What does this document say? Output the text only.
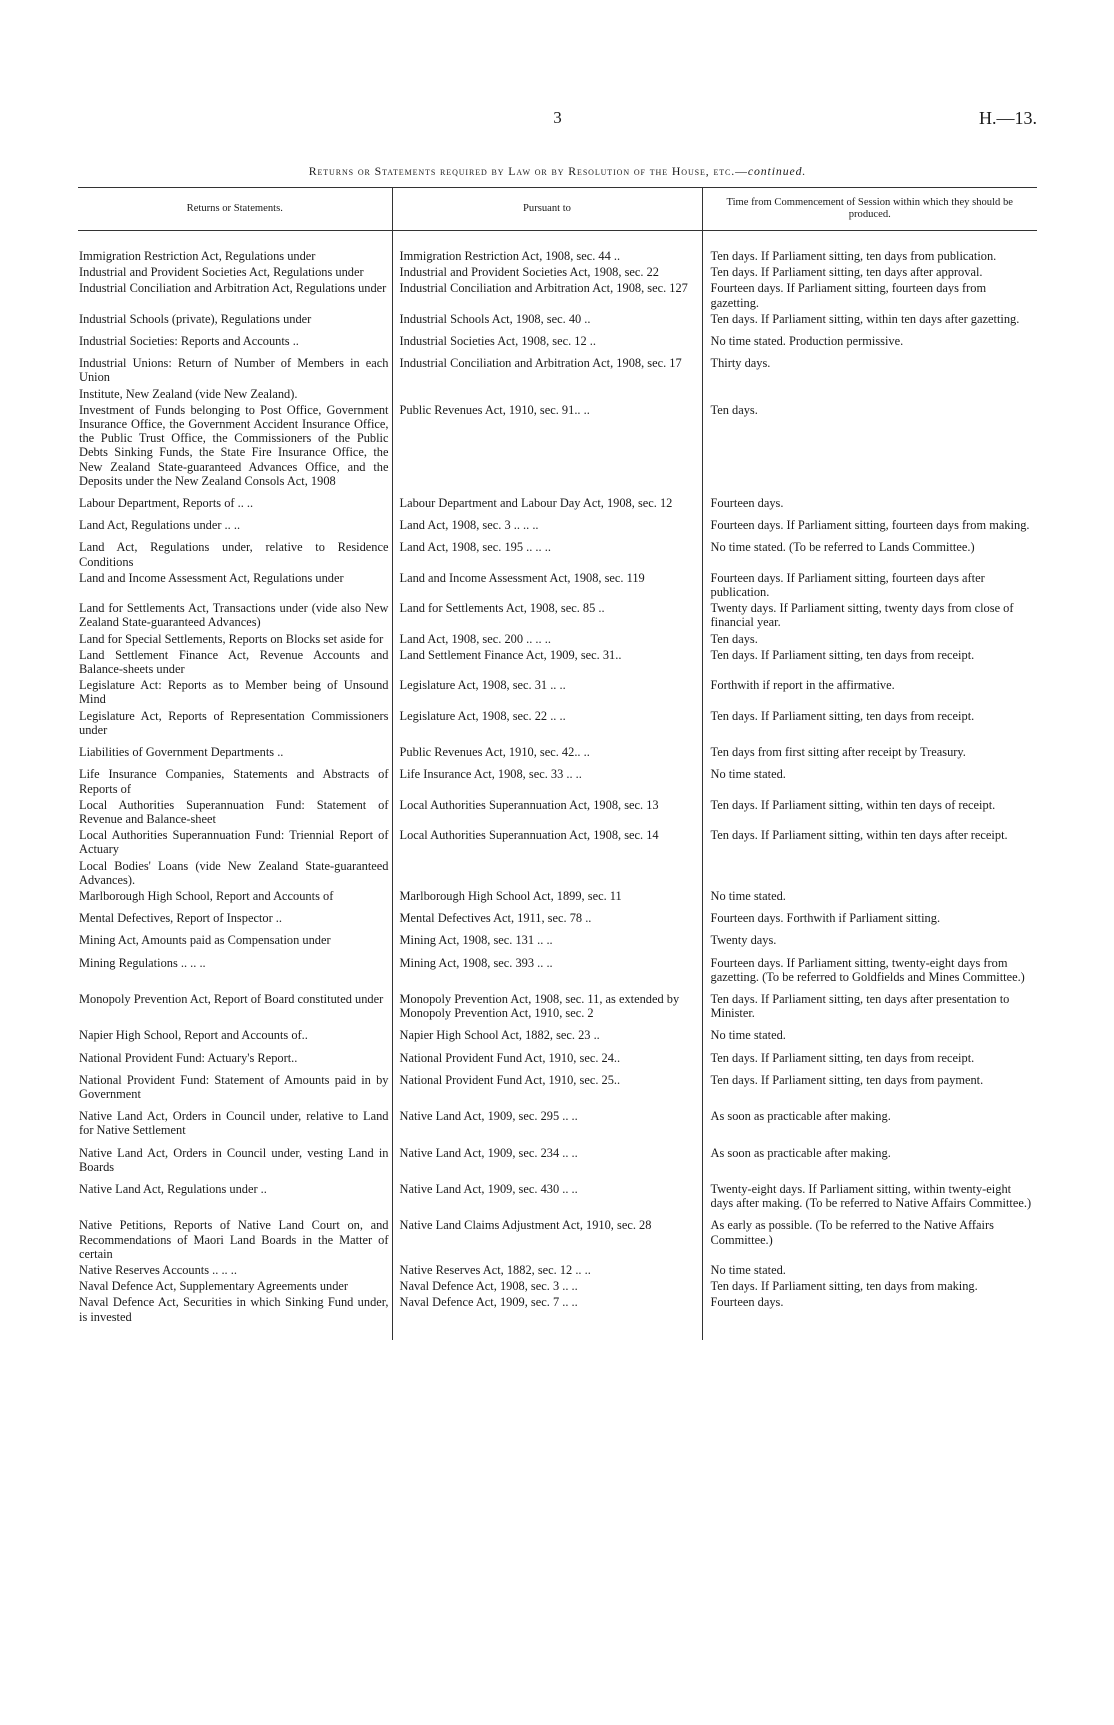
3	H.—13.
Returns or Statements required by Law or by Resolution of the House, etc.—continued.
Returns or Statements.	Pursuant to	Time from Commencement of Session within which they should be produced.

Immigration Restriction Act, Regulations under	Immigration Restriction Act, 1908, sec. 44 ..	Ten days. If Parliament sitting, ten days from publication.
Industrial and Provident Societies Act, Regulations under	Industrial and Provident Societies Act, 1908, sec. 22	Ten days. If Parliament sitting, ten days after approval.
Industrial Conciliation and Arbitration Act, Regulations under	Industrial Conciliation and Arbitration Act, 1908, sec. 127	Fourteen days. If Parliament sitting, fourteen days from gazetting.
Industrial Schools (private), Regulations under	Industrial Schools Act, 1908, sec. 40 ..	Ten days. If Parliament sitting, within ten days after gazetting.
Industrial Societies: Reports and Accounts ..	Industrial Societies Act, 1908, sec. 12 ..	No time stated. Production permissive.
Industrial Unions: Return of Number of Members in each Union	Industrial Conciliation and Arbitration Act, 1908, sec. 17	Thirty days.
Institute, New Zealand (vide New Zealand).		
Investment of Funds belonging to Post Office, Government Insurance Office, the Government Accident Insurance Office, the Public Trust Office, the Commissioners of the Public Debts Sinking Funds, the State Fire Insurance Office, the New Zealand State-guaranteed Advances Office, and the Deposits under the New Zealand Consols Act, 1908	Public Revenues Act, 1910, sec. 91.. ..	Ten days.
Labour Department, Reports of .. ..	Labour Department and Labour Day Act, 1908, sec. 12	Fourteen days.
Land Act, Regulations under .. ..	Land Act, 1908, sec. 3 .. .. ..	Fourteen days. If Parliament sitting, fourteen days from making.
Land Act, Regulations under, relative to Residence Conditions	Land Act, 1908, sec. 195 .. .. ..	No time stated. (To be referred to Lands Committee.)
Land and Income Assessment Act, Regulations under	Land and Income Assessment Act, 1908, sec. 119	Fourteen days. If Parliament sitting, fourteen days after publication.
Land for Settlements Act, Transactions under (vide also New Zealand State-guaranteed Advances)	Land for Settlements Act, 1908, sec. 85 ..	Twenty days. If Parliament sitting, twenty days from close of financial year.
Land for Special Settlements, Reports on Blocks set aside for	Land Act, 1908, sec. 200 .. .. ..	Ten days.
Land Settlement Finance Act, Revenue Accounts and Balance-sheets under	Land Settlement Finance Act, 1909, sec. 31..	Ten days. If Parliament sitting, ten days from receipt.
Legislature Act: Reports as to Member being of Unsound Mind	Legislature Act, 1908, sec. 31 .. ..	Forthwith if report in the affirmative.
Legislature Act, Reports of Representation Commissioners under	Legislature Act, 1908, sec. 22 .. ..	Ten days. If Parliament sitting, ten days from receipt.
Liabilities of Government Departments ..	Public Revenues Act, 1910, sec. 42.. ..	Ten days from first sitting after receipt by Treasury.
Life Insurance Companies, Statements and Abstracts of Reports of	Life Insurance Act, 1908, sec. 33 .. ..	No time stated.
Local Authorities Superannuation Fund: Statement of Revenue and Balance-sheet	Local Authorities Superannuation Act, 1908, sec. 13	Ten days. If Parliament sitting, within ten days of receipt.
Local Authorities Superannuation Fund: Triennial Report of Actuary	Local Authorities Superannuation Act, 1908, sec. 14	Ten days. If Parliament sitting, within ten days after receipt.
Local Bodies' Loans (vide New Zealand State-guaranteed Advances).		
Marlborough High School, Report and Accounts of	Marlborough High School Act, 1899, sec. 11	No time stated.
Mental Defectives, Report of Inspector ..	Mental Defectives Act, 1911, sec. 78 ..	Fourteen days. Forthwith if Parliament sitting.
Mining Act, Amounts paid as Compensation under	Mining Act, 1908, sec. 131 .. ..	Twenty days.
Mining Regulations .. .. ..	Mining Act, 1908, sec. 393 .. ..	Fourteen days. If Parliament sitting, twenty-eight days from gazetting. (To be referred to Goldfields and Mines Committee.)
Monopoly Prevention Act, Report of Board constituted under	Monopoly Prevention Act, 1908, sec. 11, as extended by Monopoly Prevention Act, 1910, sec. 2	Ten days. If Parliament sitting, ten days after presentation to Minister.
Napier High School, Report and Accounts of..	Napier High School Act, 1882, sec. 23 ..	No time stated.
National Provident Fund: Actuary's Report..	National Provident Fund Act, 1910, sec. 24..	Ten days. If Parliament sitting, ten days from receipt.
National Provident Fund: Statement of Amounts paid in by Government	National Provident Fund Act, 1910, sec. 25..	Ten days. If Parliament sitting, ten days from payment.
Native Land Act, Orders in Council under, relative to Land for Native Settlement	Native Land Act, 1909, sec. 295 .. ..	As soon as practicable after making.
Native Land Act, Orders in Council under, vesting Land in Boards	Native Land Act, 1909, sec. 234 .. ..	As soon as practicable after making.
Native Land Act, Regulations under ..	Native Land Act, 1909, sec. 430 .. ..	Twenty-eight days. If Parliament sitting, within twenty-eight days after making. (To be referred to Native Affairs Committee.)
Native Petitions, Reports of Native Land Court on, and Recommendations of Maori Land Boards in the Matter of certain	Native Land Claims Adjustment Act, 1910, sec. 28	As early as possible. (To be referred to the Native Affairs Committee.)
Native Reserves Accounts .. .. ..	Native Reserves Act, 1882, sec. 12 .. ..	No time stated.
Naval Defence Act, Supplementary Agreements under	Naval Defence Act, 1908, sec. 3 .. ..	Ten days. If Parliament sitting, ten days from making.
Naval Defence Act, Securities in which Sinking Fund under, is invested	Naval Defence Act, 1909, sec. 7 .. ..	Fourteen days.
